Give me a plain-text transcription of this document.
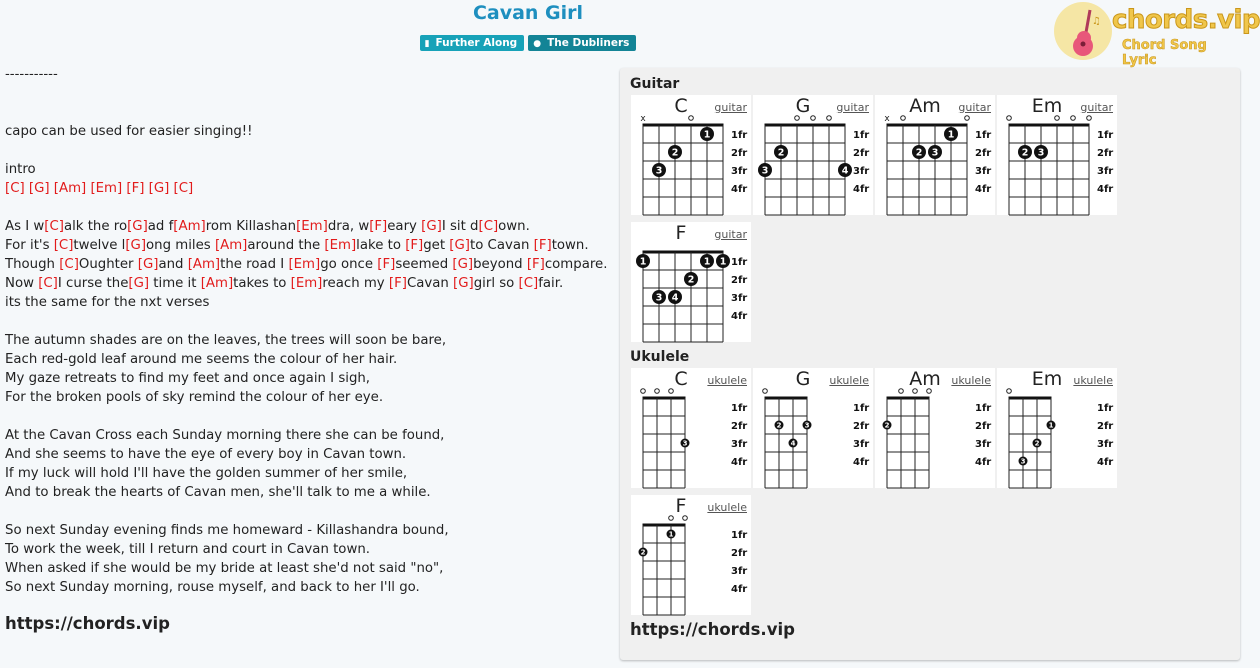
Cavan Girl
▮ Further Along ● The Dubliners
♫ chords.vip
Chord Song Lyric
-----------
capo can be used for easier singing!!
intro
[C] [G] [Am] [Em] [F] [G] [C]
As I w[C]alk the ro[G]ad f[Am]rom Killashan[Em]dra, w[F]eary [G]I sit d[C]own.
For it's [C]twelve l[G]ong miles [Am]around the [Em]lake to [F]get [G]to Cavan [F]town.
Though [C]Oughter [G]and [Am]the road I [Em]go once [F]seemed [G]beyond [F]compare.
Now [C]I curse the[G] time it [Am]takes to [Em]reach my [F]Cavan [G]girl so [C]fair.
its the same for the nxt verses
The autumn shades are on the leaves, the trees will soon be bare,
Each red-gold leaf around me seems the colour of her hair.
My gaze retreats to find my feet and once again I sigh,
For the broken pools of sky remind the colour of her eye.
At the Cavan Cross each Sunday morning there she can be found,
And she seems to have the eye of every boy in Cavan town.
If my luck will hold I'll have the golden summer of her smile,
And to break the hearts of Cavan men, she'll talk to me a while.
So next Sunday evening finds me homeward - Killashandra bound,
To work the week, till I return and court in Cavan town.
When asked if she would be my bride at least she'd not said "no",
So next Sunday morning, rouse myself, and back to her I'll go.
https://chords.vip
Guitar
Ukulele
https://chords.vip
x
3
2
1 1fr
2fr
3fr
4fr
C	guitar
3
2
4
1fr
2fr
3fr
4fr
G	guitar
x
2 3
1 1fr
2fr
3fr
4fr
Am	guitar
2 3
1fr
2fr
3fr
4fr
Em	guitar
1	1 1
2
3 4
1fr
2fr
3fr
4fr
F	guitar
3
1fr
2fr
3fr
4fr
C	ukulele
2
4
3
1fr
2fr
3fr
4fr
G	ukulele
2
1fr
2fr
3fr
4fr
Am ukulele
3
2
1
1fr
2fr
3fr
4fr
Em	ukulele
2
1	1fr
2fr
3fr
4fr
F	ukulele
